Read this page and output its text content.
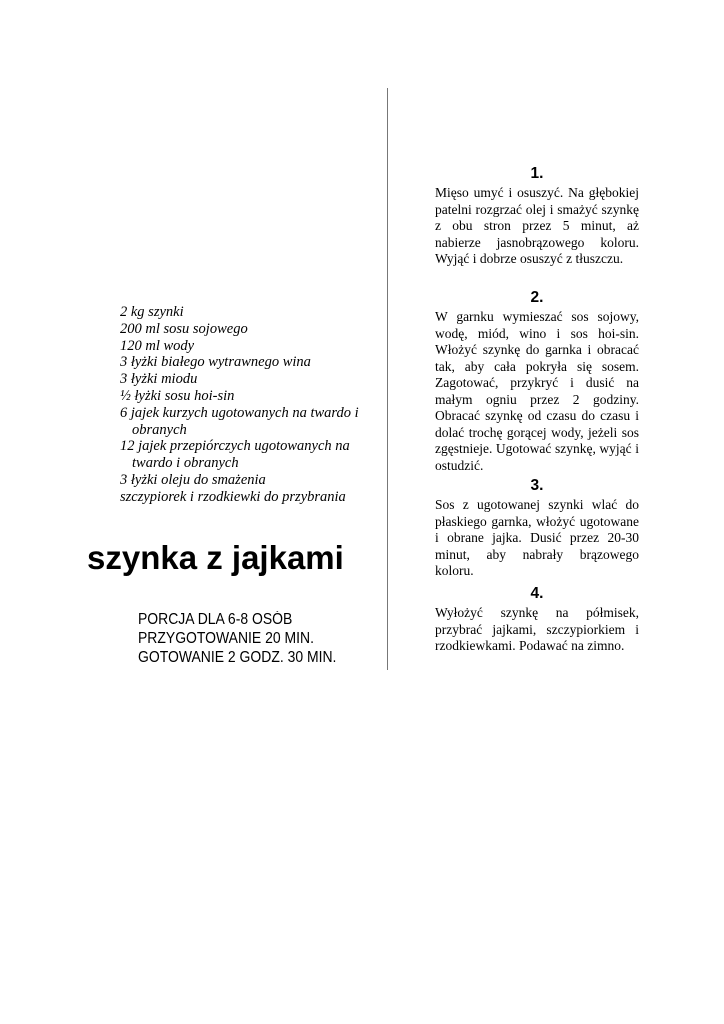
2 kg szynki
200 ml sosu sojowego
120 ml wody
3 łyżki białego wytrawnego wina
3 łyżki miodu
½ łyżki sosu hoi-sin
6 jajek kurzych ugotowanych na twardo i obranych
12 jajek przepiórczych ugotowanych na twardo i obranych
3 łyżki oleju do smażenia
szczypiorek i rzodkiewki do przybrania
szynka z jajkami
PORCJA DLA 6-8 OSÓB
PRZYGOTOWANIE 20 MIN.
GOTOWANIE 2 GODZ. 30 MIN.
1.
Mięso umyć i osuszyć. Na głębokiej patelni rozgrzać olej i smażyć szynkę z obu stron przez 5 minut, aż nabierze jasnobrązowego koloru. Wyjąć i dobrze osuszyć z tłuszczu.
2.
W garnku wymieszać sos sojowy, wodę, miód, wino i sos hoi-sin. Włożyć szynkę do garnka i obracać tak, aby cała pokryła się sosem. Zagotować, przykryć i dusić na małym ogniu przez 2 godziny. Obracać szynkę od czasu do czasu i dolać trochę gorącej wody, jeżeli sos zgęstnieje. Ugotować szynkę, wyjąć i ostudzić.
3.
Sos z ugotowanej szynki wlać do płaskiego garnka, włożyć ugotowane i obrane jajka. Dusić przez 20-30 minut, aby nabrały brązowego koloru.
4.
Wyłożyć szynkę na półmisek, przybrać jajkami, szczypiorkiem i rzodkiewkami. Podawać na zimno.
